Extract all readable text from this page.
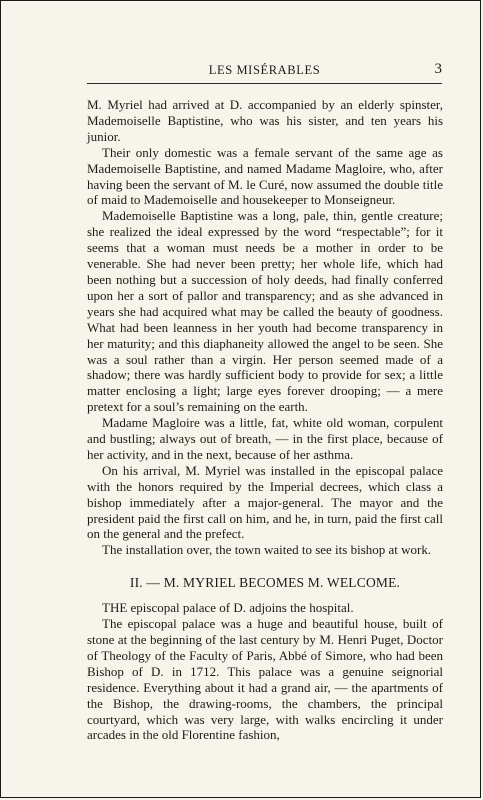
LES MISÉRABLES	3

M. Myriel had arrived at D. accompanied by an elderly spinster, Mademoiselle Baptistine, who was his sister, and ten years his junior.

Their only domestic was a female servant of the same age as Mademoiselle Baptistine, and named Madame Magloire, who, after having been the servant of M. le Curé, now assumed the double title of maid to Mademoiselle and housekeeper to Monseigneur.

Mademoiselle Baptistine was a long, pale, thin, gentle creature; she realized the ideal expressed by the word “respectable”; for it seems that a woman must needs be a mother in order to be venerable. She had never been pretty; her whole life, which had been nothing but a succession of holy deeds, had finally conferred upon her a sort of pallor and transparency; and as she advanced in years she had acquired what may be called the beauty of goodness. What had been leanness in her youth had become transparency in her maturity; and this diaphaneity allowed the angel to be seen. She was a soul rather than a virgin. Her person seemed made of a shadow; there was hardly sufficient body to provide for sex; a little matter enclosing a light; large eyes forever drooping; — a mere pretext for a soul’s remaining on the earth.

Madame Magloire was a little, fat, white old woman, corpulent and bustling; always out of breath, — in the first place, because of her activity, and in the next, because of her asthma.

On his arrival, M. Myriel was installed in the episcopal palace with the honors required by the Imperial decrees, which class a bishop immediately after a major-general. The mayor and the president paid the first call on him, and he, in turn, paid the first call on the general and the prefect.

The installation over, the town waited to see its bishop at work.

II. — M. MYRIEL BECOMES M. WELCOME.

THE episcopal palace of D. adjoins the hospital.

The episcopal palace was a huge and beautiful house, built of stone at the beginning of the last century by M. Henri Puget, Doctor of Theology of the Faculty of Paris, Abbé of Simore, who had been Bishop of D. in 1712. This palace was a genuine seignorial residence. Everything about it had a grand air, — the apartments of the Bishop, the drawing-rooms, the chambers, the principal courtyard, which was very large, with walks encircling it under arcades in the old Florentine fashion,
